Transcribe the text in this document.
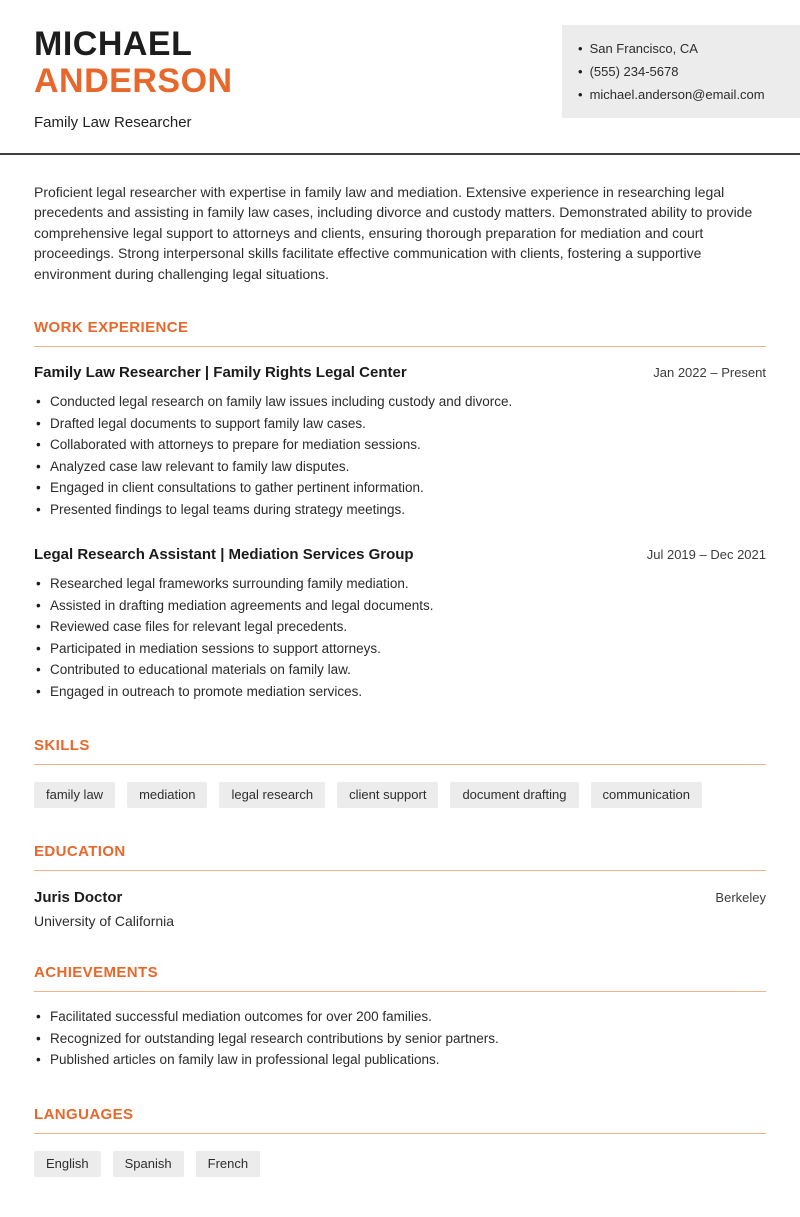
MICHAEL
ANDERSON
Family Law Researcher
• San Francisco, CA
• (555) 234-5678
• michael.anderson@email.com

Proficient legal researcher with expertise in family law and mediation. Extensive experience in researching legal precedents and assisting in family law cases, including divorce and custody matters. Demonstrated ability to provide comprehensive legal support to attorneys and clients, ensuring thorough preparation for mediation and court proceedings. Strong interpersonal skills facilitate effective communication with clients, fostering a supportive environment during challenging legal situations.

WORK EXPERIENCE
Family Law Researcher | Family Rights Legal Center	Jan 2022 – Present
• Conducted legal research on family law issues including custody and divorce.
• Drafted legal documents to support family law cases.
• Collaborated with attorneys to prepare for mediation sessions.
• Analyzed case law relevant to family law disputes.
• Engaged in client consultations to gather pertinent information.
• Presented findings to legal teams during strategy meetings.
Legal Research Assistant | Mediation Services Group	Jul 2019 – Dec 2021
• Researched legal frameworks surrounding family mediation.
• Assisted in drafting mediation agreements and legal documents.
• Reviewed case files for relevant legal precedents.
• Participated in mediation sessions to support attorneys.
• Contributed to educational materials on family law.
• Engaged in outreach to promote mediation services.
SKILLS
family law	mediation	legal research	client support	document drafting	communication
EDUCATION
Juris Doctor	Berkeley
University of California
ACHIEVEMENTS
• Facilitated successful mediation outcomes for over 200 families.
• Recognized for outstanding legal research contributions by senior partners.
• Published articles on family law in professional legal publications.
LANGUAGES
English	Spanish	French
